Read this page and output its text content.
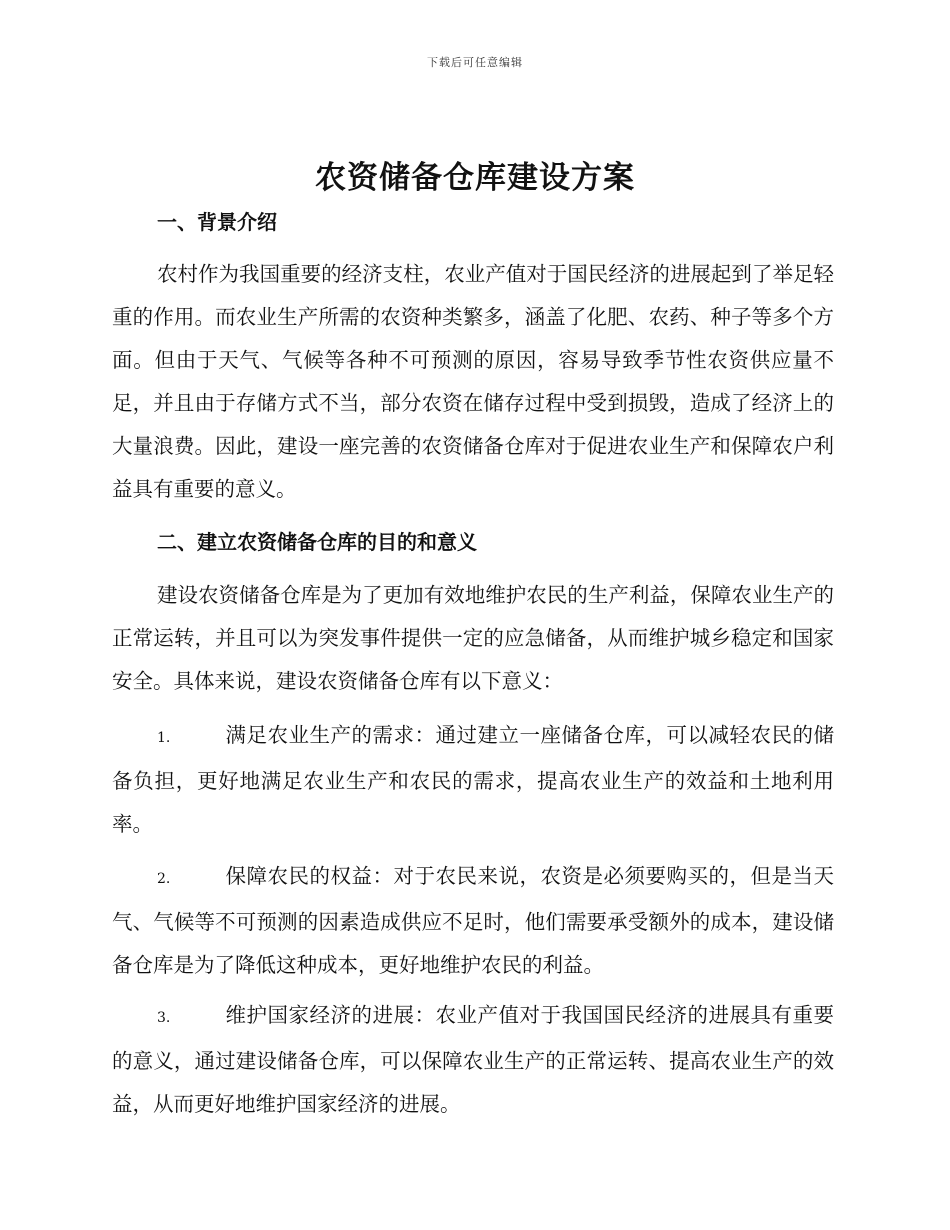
下载后可任意编辑
农资储备仓库建设方案
一、背景介绍

农村作为我国重要的经济支柱，农业产值对于国民经济的进展起到了举足轻重的作用。而农业生产所需的农资种类繁多，涵盖了化肥、农药、种子等多个方面。但由于天气、气候等各种不可预测的原因，容易导致季节性农资供应量不足，并且由于存储方式不当，部分农资在储存过程中受到损毁，造成了经济上的大量浪费。因此，建设一座完善的农资储备仓库对于促进农业生产和保障农户利益具有重要的意义。

二、建立农资储备仓库的目的和意义

建设农资储备仓库是为了更加有效地维护农民的生产利益，保障农业生产的正常运转，并且可以为突发事件提供一定的应急储备，从而维护城乡稳定和国家安全。具体来说，建设农资储备仓库有以下意义：

1.	满足农业生产的需求：通过建立一座储备仓库，可以减轻农民的储备负担，更好地满足农业生产和农民的需求，提高农业生产的效益和土地利用率。

2.	保障农民的权益：对于农民来说，农资是必须要购买的，但是当天气、气候等不可预测的因素造成供应不足时，他们需要承受额外的成本，建设储备仓库是为了降低这种成本，更好地维护农民的利益。

3.	维护国家经济的进展：农业产值对于我国国民经济的进展具有重要的意义，通过建设储备仓库，可以保障农业生产的正常运转、提高农业生产的效益，从而更好地维护国家经济的进展。
